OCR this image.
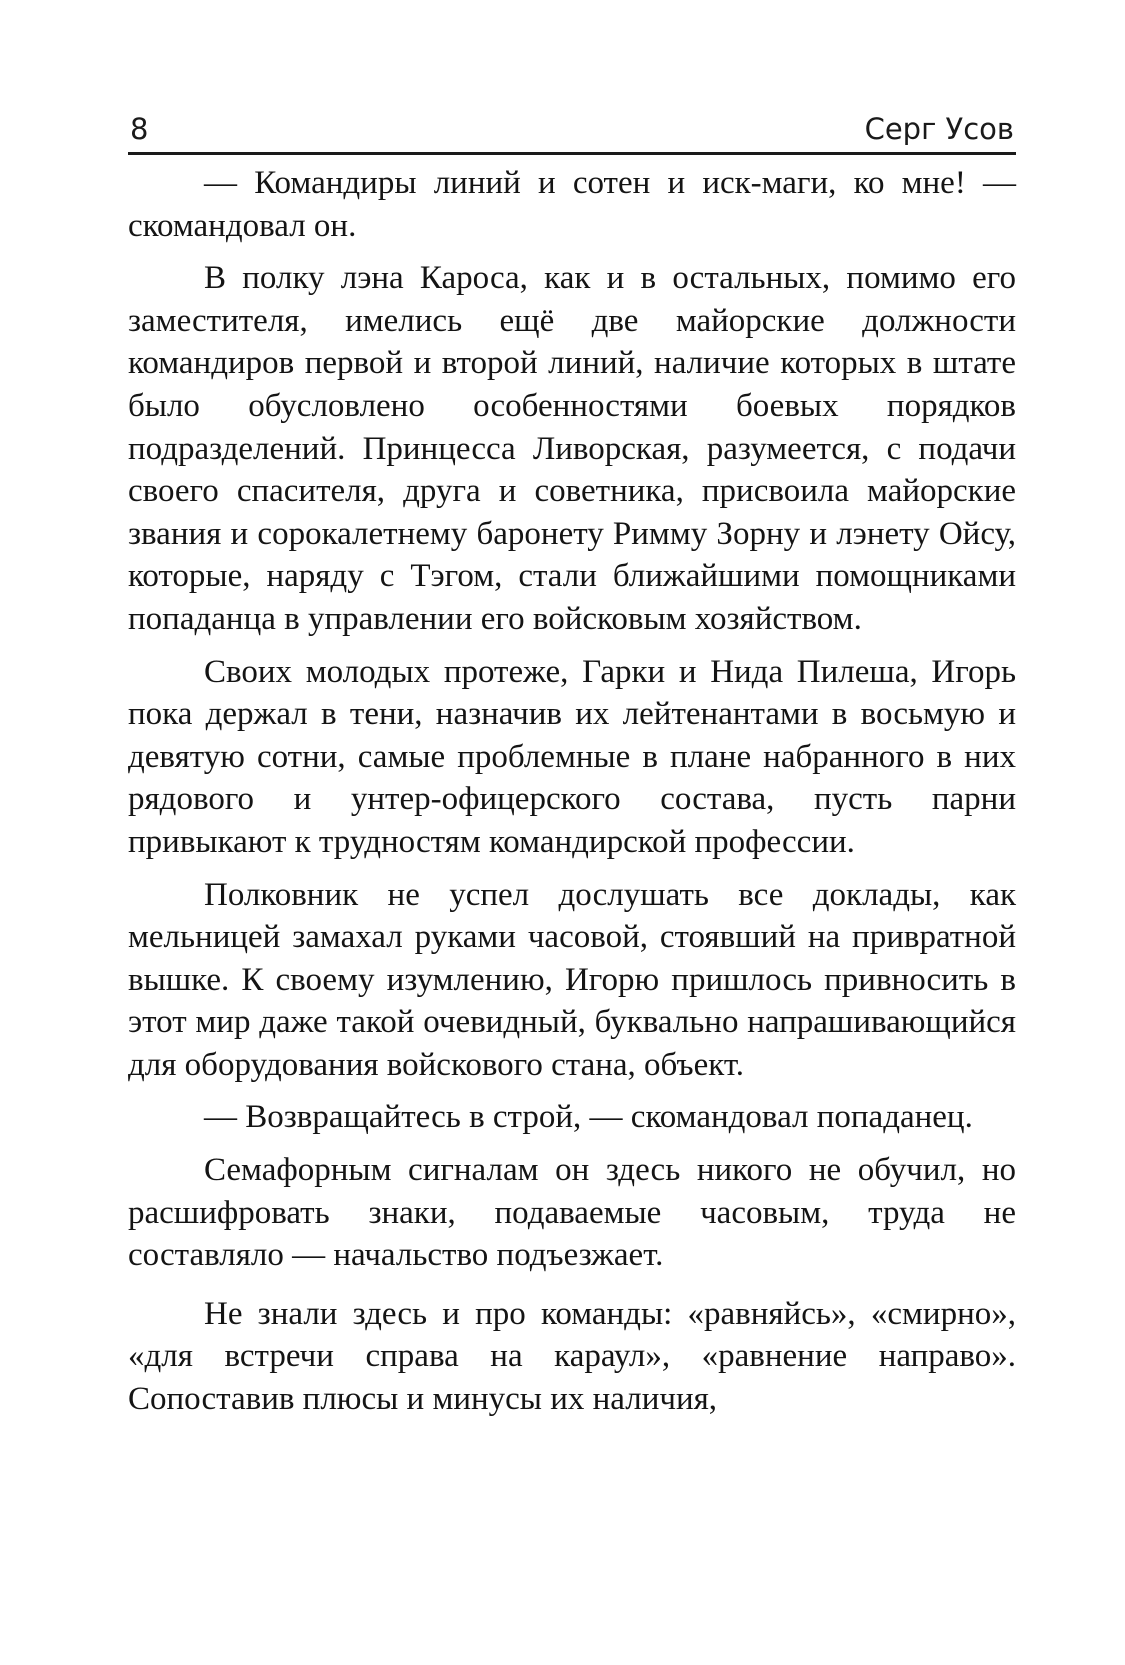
8	Серг Усов

— Командиры линий и сотен и иск-маги, ко мне! — скомандовал он.

В полку лэна Кароса, как и в остальных, помимо его заместителя, имелись ещё две майорские должности командиров первой и второй линий, наличие которых в штате было обусловлено особенностями боевых порядков подразделений. Принцесса Ливорская, разумеется, с подачи своего спасителя, друга и советника, присвоила майорские звания и сорокалетнему баронету Римму Зорну и лэнету Ойсу, которые, наряду с Тэгом, стали ближайшими помощниками попаданца в управлении его войсковым хозяйством.

Своих молодых протеже, Гарки и Нида Пилеша, Игорь пока держал в тени, назначив их лейтенантами в восьмую и девятую сотни, самые проблемные в плане набранного в них рядового и унтер-офицерского состава, пусть парни привыкают к трудностям командирской профессии.

Полковник не успел дослушать все доклады, как мельницей замахал руками часовой, стоявший на привратной вышке. К своему изумлению, Игорю пришлось привносить в этот мир даже такой очевидный, буквально напрашивающийся для оборудования войскового стана, объект.

— Возвращайтесь в строй, — скомандовал попаданец.

Семафорным сигналам он здесь никого не обучил, но расшифровать знаки, подаваемые часовым, труда не составляло — начальство подъезжает.

Не знали здесь и про команды: «равняйсь», «смирно», «для встречи справа на караул», «равнение направо». Сопоставив плюсы и минусы их наличия,
